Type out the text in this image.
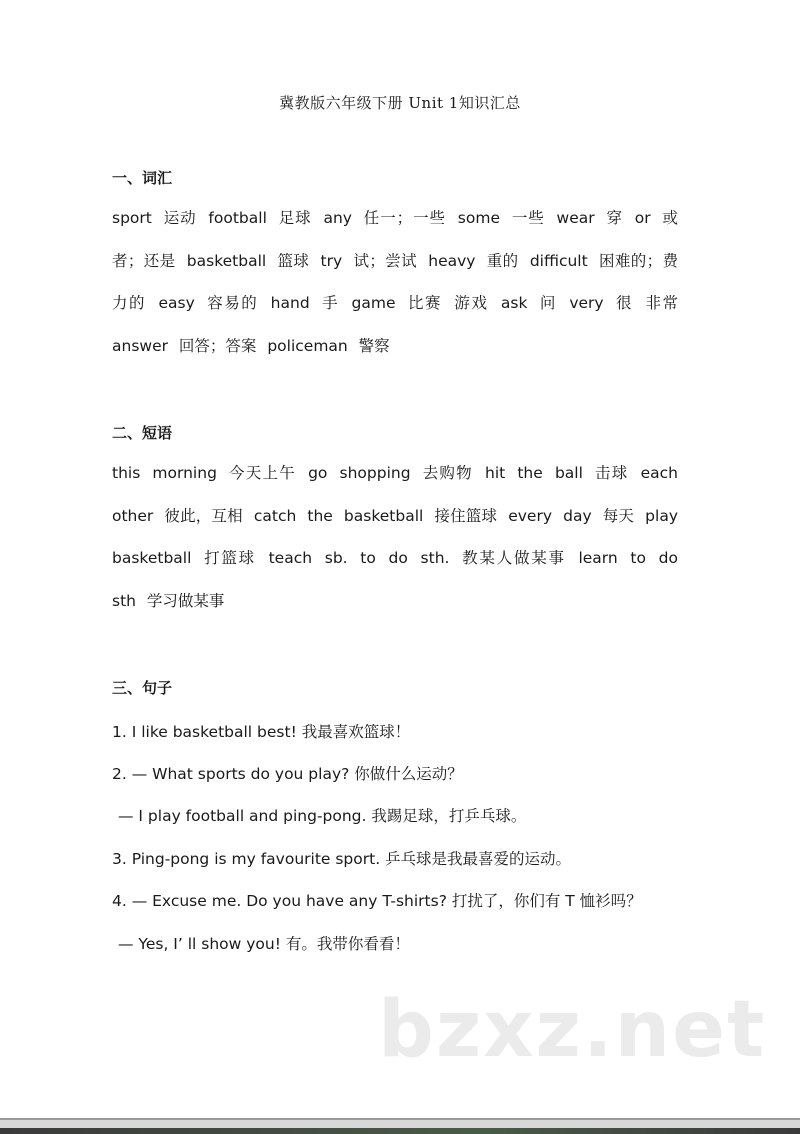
冀教版六年级下册 Unit 1知识汇总
一、词汇
sport 运动 football 足球 any 任一；一些 some 一些 wear 穿 or 或者；还是 basketball 篮球 try 试；尝试 heavy 重的 difficult 困难的；费力的 easy 容易的 hand 手 game 比赛 游戏 ask 问 very 很 非常 answer 回答；答案 policeman 警察
二、短语
this morning 今天上午 go shopping 去购物 hit the ball 击球 each other 彼此，互相 catch the basketball 接住篮球 every day 每天 play basketball 打篮球 teach sb. to do sth. 教某人做某事 learn to do sth 学习做某事
三、句子
1. I like basketball best! 我最喜欢篮球！
2. — What sports do you play? 你做什么运动？
— I play football and ping-pong. 我踢足球，打乒乓球。
3. Ping-pong is my favourite sport. 乒乓球是我最喜爱的运动。
4. — Excuse me. Do you have any T-shirts? 打扰了，你们有 T 恤衫吗？
— Yes, I’ ll show you! 有。我带你看看！
bzxz.net
